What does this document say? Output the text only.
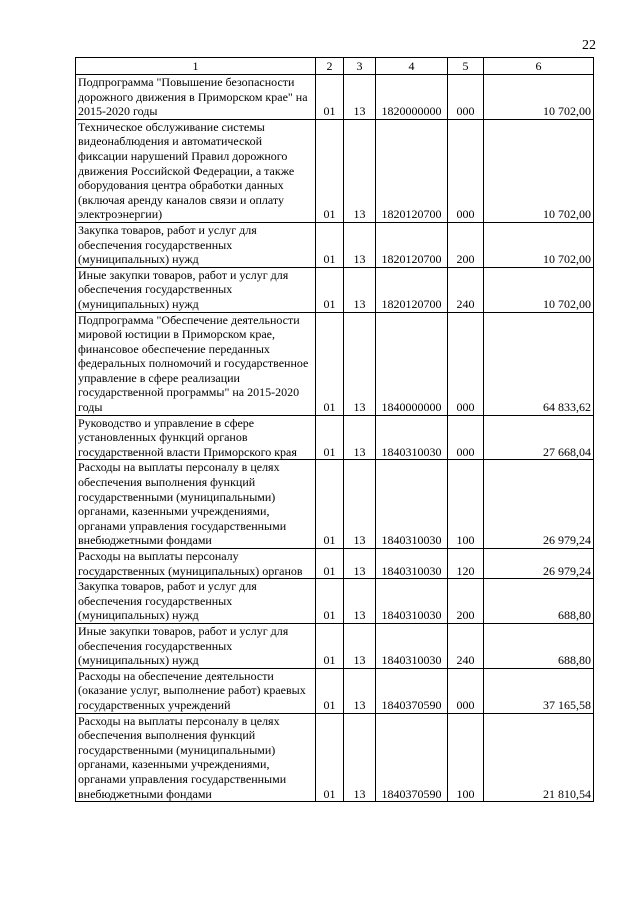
22
1	2	3	4	5	6
Подпрограмма "Повышение безопасности дорожного движения в Приморском крае" на 2015-2020 годы	01	13	1820000000	000	10 702,00
Техническое обслуживание системы видеонаблюдения и автоматической фиксации нарушений Правил дорожного движения Российской Федерации, а также оборудования центра обработки данных (включая аренду каналов связи и оплату электроэнергии)	01	13	1820120700	000	10 702,00
Закупка товаров, работ и услуг для обеспечения государственных (муниципальных) нужд	01	13	1820120700	200	10 702,00
Иные закупки товаров, работ и услуг для обеспечения государственных (муниципальных) нужд	01	13	1820120700	240	10 702,00
Подпрограмма "Обеспечение деятельности мировой юстиции в Приморском крае, финансовое обеспечение переданных федеральных полномочий и государственное управление в сфере реализации государственной программы" на 2015-2020 годы	01	13	1840000000	000	64 833,62
Руководство и управление в сфере установленных функций органов государственной власти Приморского края	01	13	1840310030	000	27 668,04
Расходы на выплаты персоналу в целях обеспечения выполнения функций государственными (муниципальными) органами, казенными учреждениями, органами управления государственными внебюджетными фондами	01	13	1840310030	100	26 979,24
Расходы на выплаты персоналу государственных (муниципальных) органов	01	13	1840310030	120	26 979,24
Закупка товаров, работ и услуг для обеспечения государственных (муниципальных) нужд	01	13	1840310030	200	688,80
Иные закупки товаров, работ и услуг для обеспечения государственных (муниципальных) нужд	01	13	1840310030	240	688,80
Расходы на обеспечение деятельности (оказание услуг, выполнение работ) краевых государственных учреждений	01	13	1840370590	000	37 165,58
Расходы на выплаты персоналу в целях обеспечения выполнения функций государственными (муниципальными) органами, казенными учреждениями, органами управления государственными внебюджетными фондами	01	13	1840370590	100	21 810,54
